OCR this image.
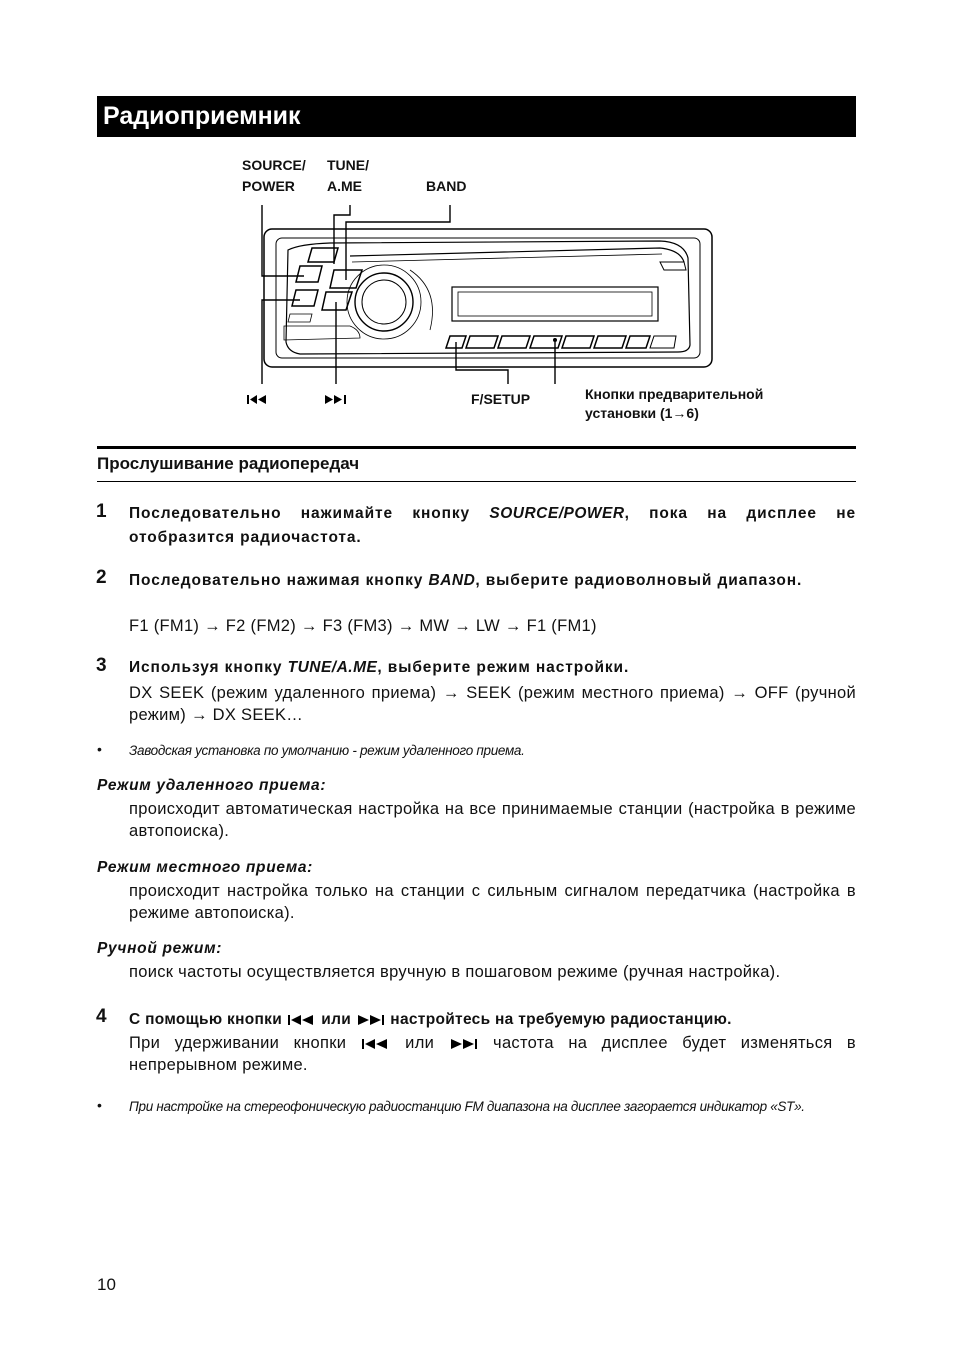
Радиоприемник
SOURCE/
POWER
TUNE/
A.ME	BAND
F/SETUP	Кнопки предварительной
установки (1→6)
Прослушивание радиопередач
1 Последовательно нажимайте кнопку SOURCE/POWER, пока на дисплее не отобразится радиочастота.
2 Последовательно нажимая кнопку BAND, выберите радиоволновый диапазон.
F1 (FM1) → F2 (FM2) → F3 (FM3) → MW → LW → F1 (FM1)
3 Используя кнопку TUNE/A.ME, выберите режим настройки.
DX SEEK (режим удаленного приема) → SEEK (режим местного приема) → OFF (ручной режим) → DX SEEK…
• Заводская установка по умолчанию - режим удаленного приема.
Режим удаленного приема:
происходит автоматическая настройка на все принимаемые станции (настройка в режиме автопоиска).
Режим местного приема:
происходит настройка только на станции с сильным сигналом передатчика (настройка в режиме автопоиска).
Ручной режим:
поиск частоты осуществляется вручную в пошаговом режиме (ручная настройка).
4 С помощью кнопки	или	настройтесь на требуемую радиостанцию.
При удерживании кнопки	или	частота на дисплее будет изменяться в непрерывном режиме.
• При настройке на стереофоническую радиостанцию FM диапазона на дисплее загорается индикатор «ST».
10
